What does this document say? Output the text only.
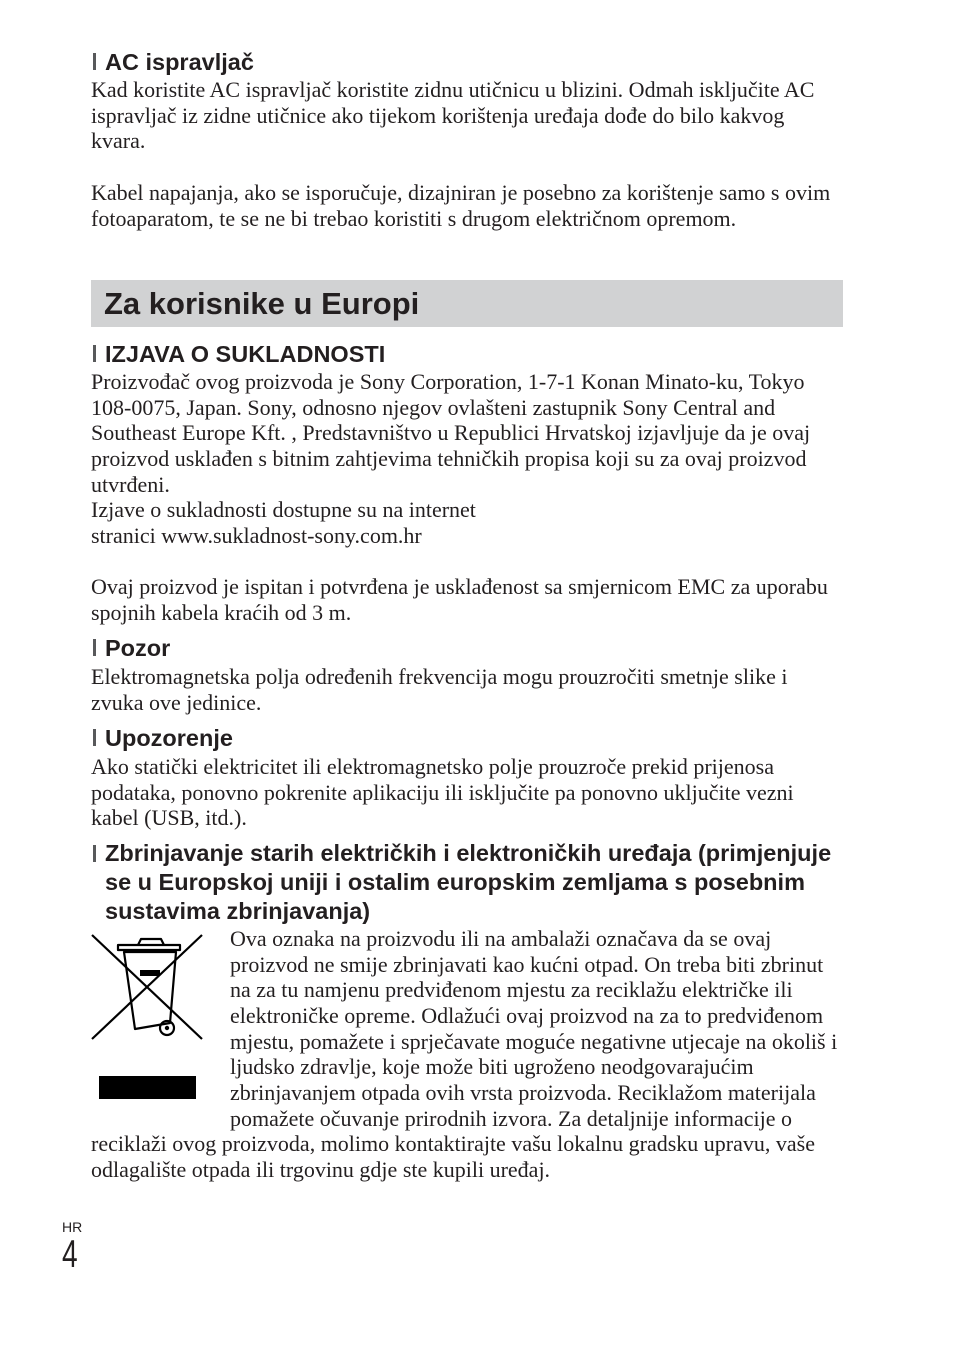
AC ispravljač
Kad koristite AC ispravljač koristite zidnu utičnicu u blizini. Odmah isključite AC
ispravljač iz zidne utičnice ako tijekom korištenja uređaja dođe do bilo kakvog
kvara.
Kabel napajanja, ako se isporučuje, dizajniran je posebno za korištenje samo s ovim
fotoaparatom, te se ne bi trebao koristiti s drugom električnom opremom.
Za korisnike u Europi
IZJAVA O SUKLADNOSTI
Proizvođač ovog proizvoda je Sony Corporation, 1-7-1 Konan Minato-ku, Tokyo
108-0075, Japan. Sony, odnosno njegov ovlašteni zastupnik Sony Central and
Southeast Europe Kft. , Predstavništvo u Republici Hrvatskoj izjavljuje da je ovaj
proizvod usklađen s bitnim zahtjevima tehničkih propisa koji su za ovaj proizvod
utvrđeni.
Izjave o sukladnosti dostupne su na internet
stranici www.sukladnost-sony.com.hr
Ovaj proizvod je ispitan i potvrđena je usklađenost sa smjernicom EMC za uporabu
spojnih kabela kraćih od 3 m.
Pozor
Elektromagnetska polja određenih frekvencija mogu prouzročiti smetnje slike i
zvuka ove jedinice.
Upozorenje
Ako statički elektricitet ili elektromagnetsko polje prouzroče prekid prijenosa
podataka, ponovno pokrenite aplikaciju ili isključite pa ponovno uključite vezni
kabel (USB, itd.).
Zbrinjavanje starih električkih i elektroničkih uređaja (primjenjuje
se u Europskoj uniji i ostalim europskim zemljama s posebnim
sustavima zbrinjavanja)
Ova oznaka na proizvodu ili na ambalaži označava da se ovaj
proizvod ne smije zbrinjavati kao kućni otpad. On treba biti zbrinut
na za tu namjenu predviđenom mjestu za reciklažu električke ili
elektroničke opreme. Odlažući ovaj proizvod na za to predviđenom
mjestu, pomažete i sprječavate moguće negativne utjecaje na okoliš i
ljudsko zdravlje, koje može biti ugroženo neodgovarajućim
zbrinjavanjem otpada ovih vrsta proizvoda. Reciklažom materijala
pomažete očuvanje prirodnih izvora. Za detaljnije informacije o
reciklaži ovog proizvoda, molimo kontaktirajte vašu lokalnu gradsku upravu, vaše
odlagalište otpada ili trgovinu gdje ste kupili uređaj.
HR
4
